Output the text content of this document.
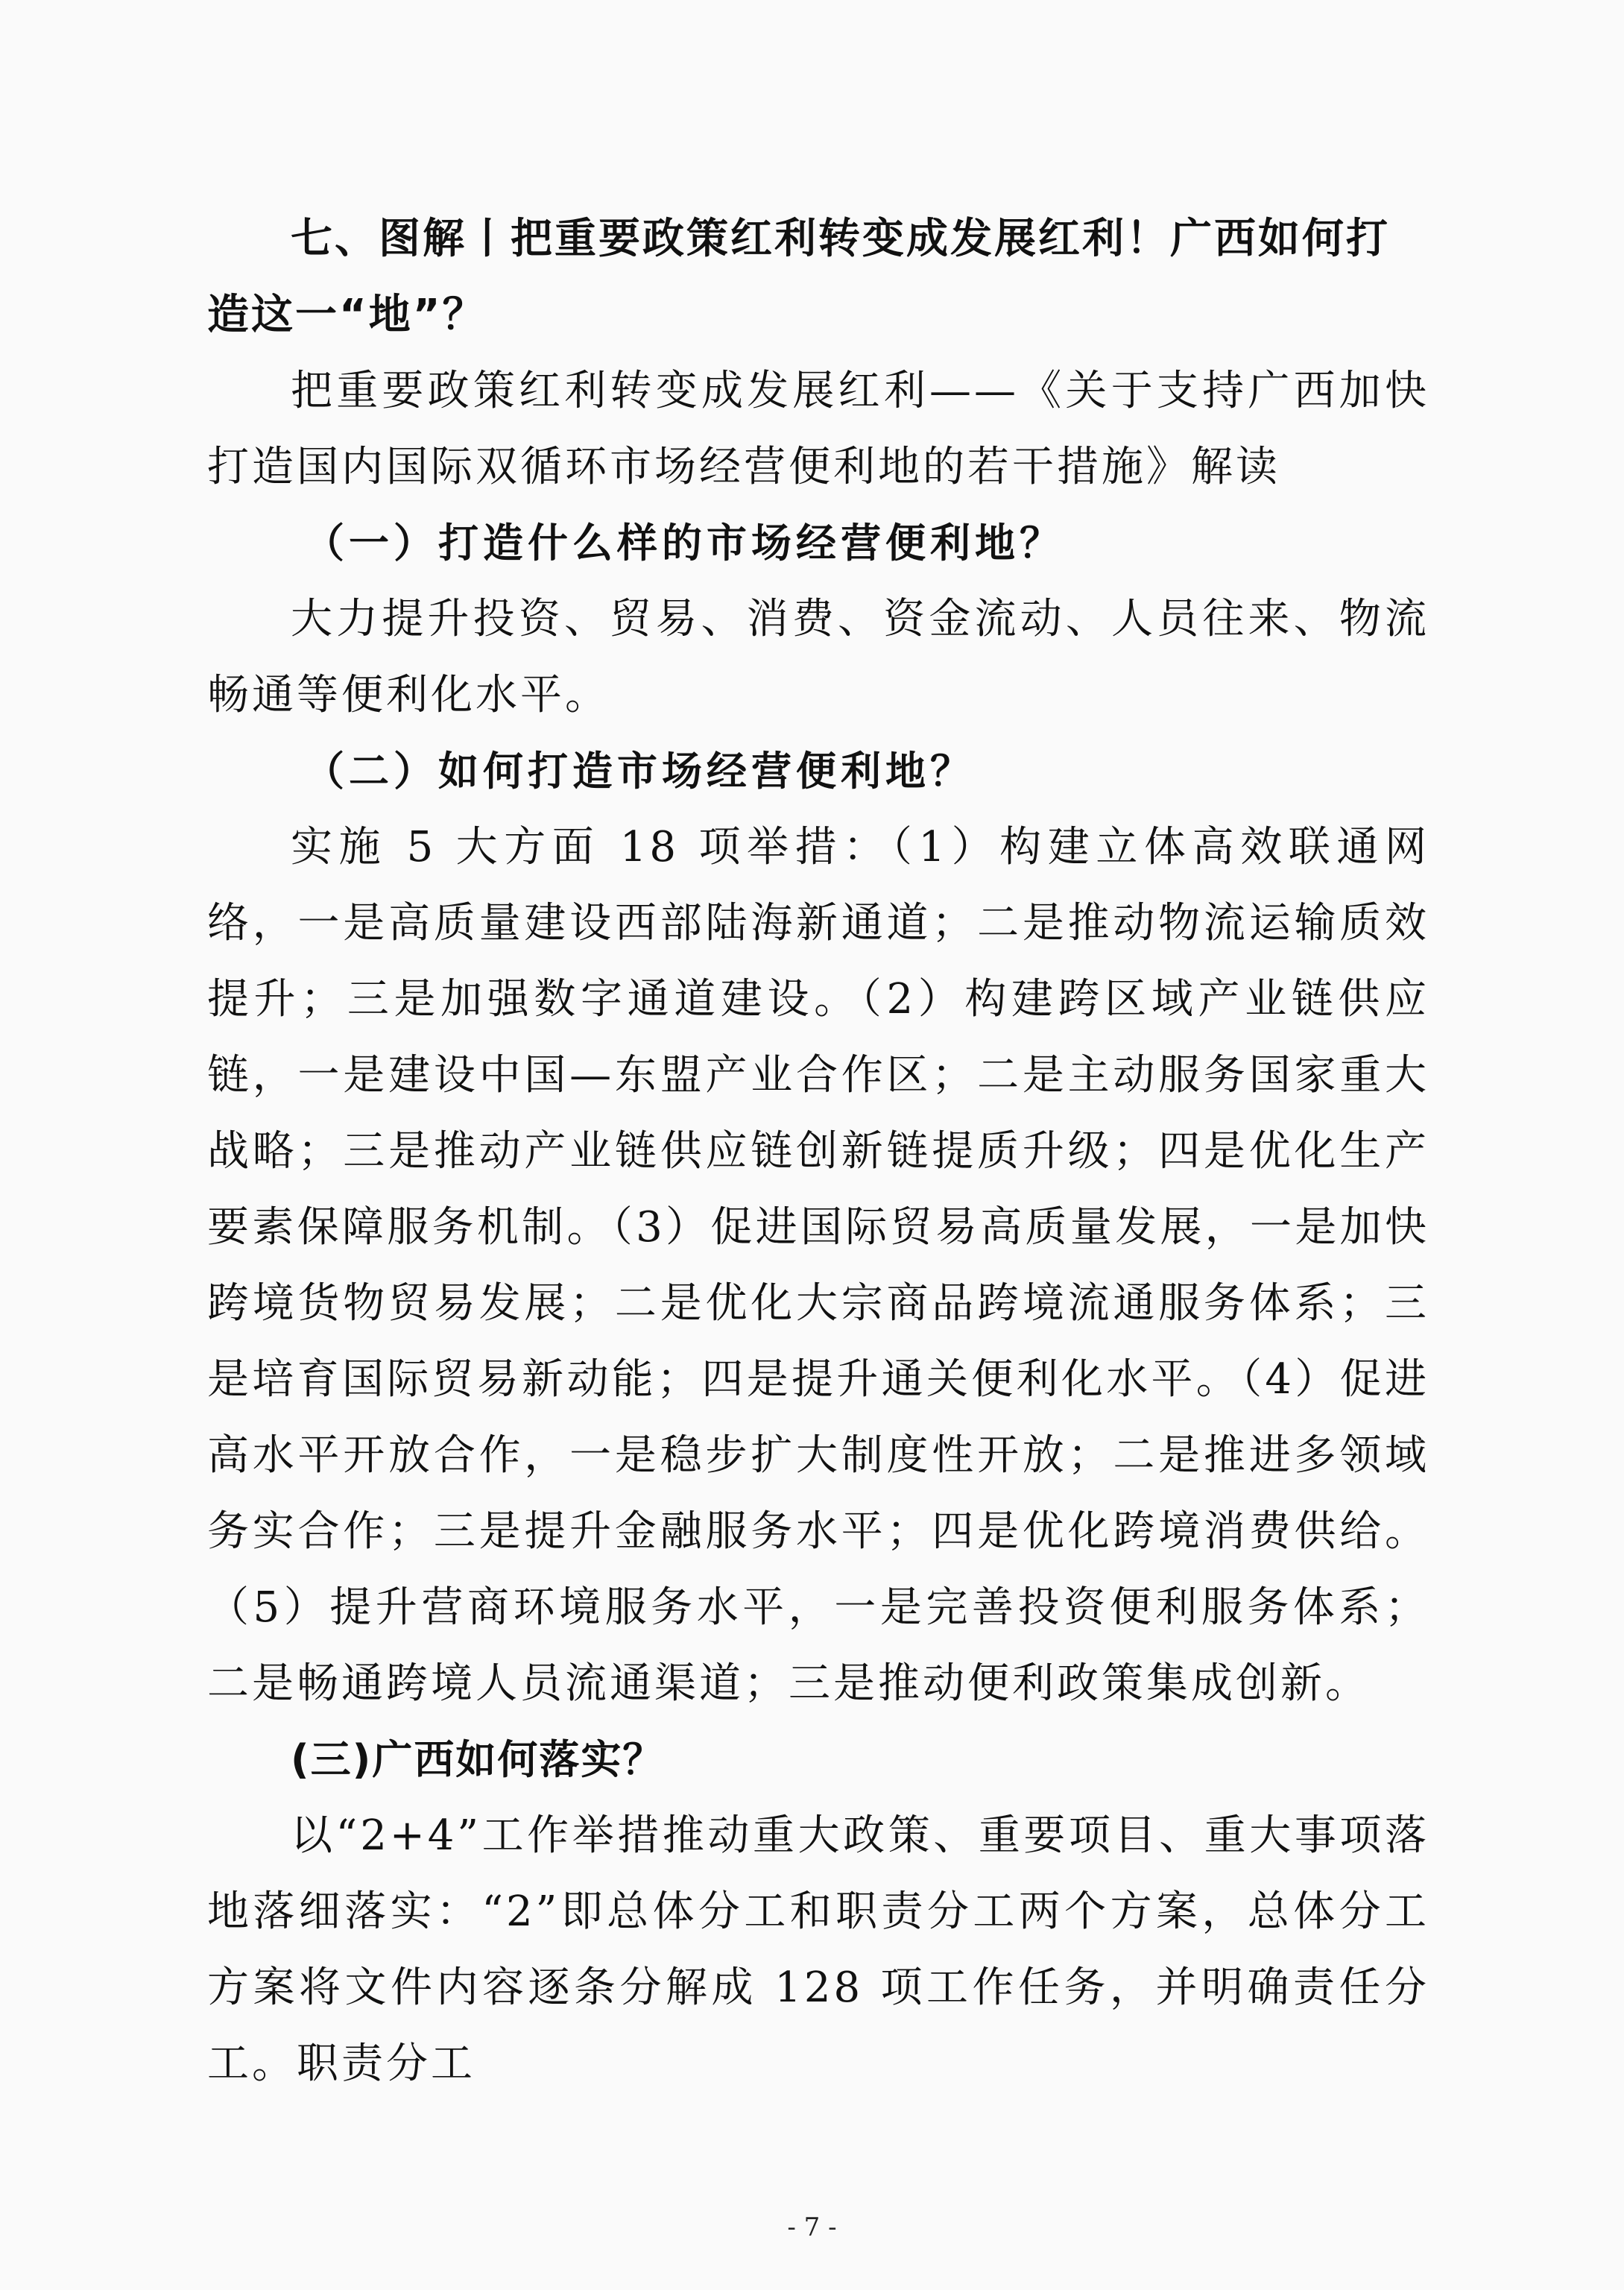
七、图解丨把重要政策红利转变成发展红利！广西如何打造这一“地”？

把重要政策红利转变成发展红利——《关于支持广西加快打造国内国际双循环市场经营便利地的若干措施》解读

（一）打造什么样的市场经营便利地？

大力提升投资、贸易、消费、资金流动、人员往来、物流畅通等便利化水平。

（二）如何打造市场经营便利地？

实施 5 大方面 18 项举措：（1）构建立体高效联通网络，一是高质量建设西部陆海新通道；二是推动物流运输质效提升；三是加强数字通道建设。（2）构建跨区域产业链供应链，一是建设中国—东盟产业合作区；二是主动服务国家重大战略；三是推动产业链供应链创新链提质升级；四是优化生产要素保障服务机制。（3）促进国际贸易高质量发展，一是加快跨境货物贸易发展；二是优化大宗商品跨境流通服务体系；三是培育国际贸易新动能；四是提升通关便利化水平。（4）促进高水平开放合作，一是稳步扩大制度性开放；二是推进多领域务实合作；三是提升金融服务水平；四是优化跨境消费供给。（5）提升营商环境服务水平，一是完善投资便利服务体系；二是畅通跨境人员流通渠道；三是推动便利政策集成创新。

(三)广西如何落实？

以“2+4”工作举措推动重大政策、重要项目、重大事项落地落细落实：“2”即总体分工和职责分工两个方案，总体分工方案将文件内容逐条分解成 128 项工作任务，并明确责任分工。职责分工

- 7 -
